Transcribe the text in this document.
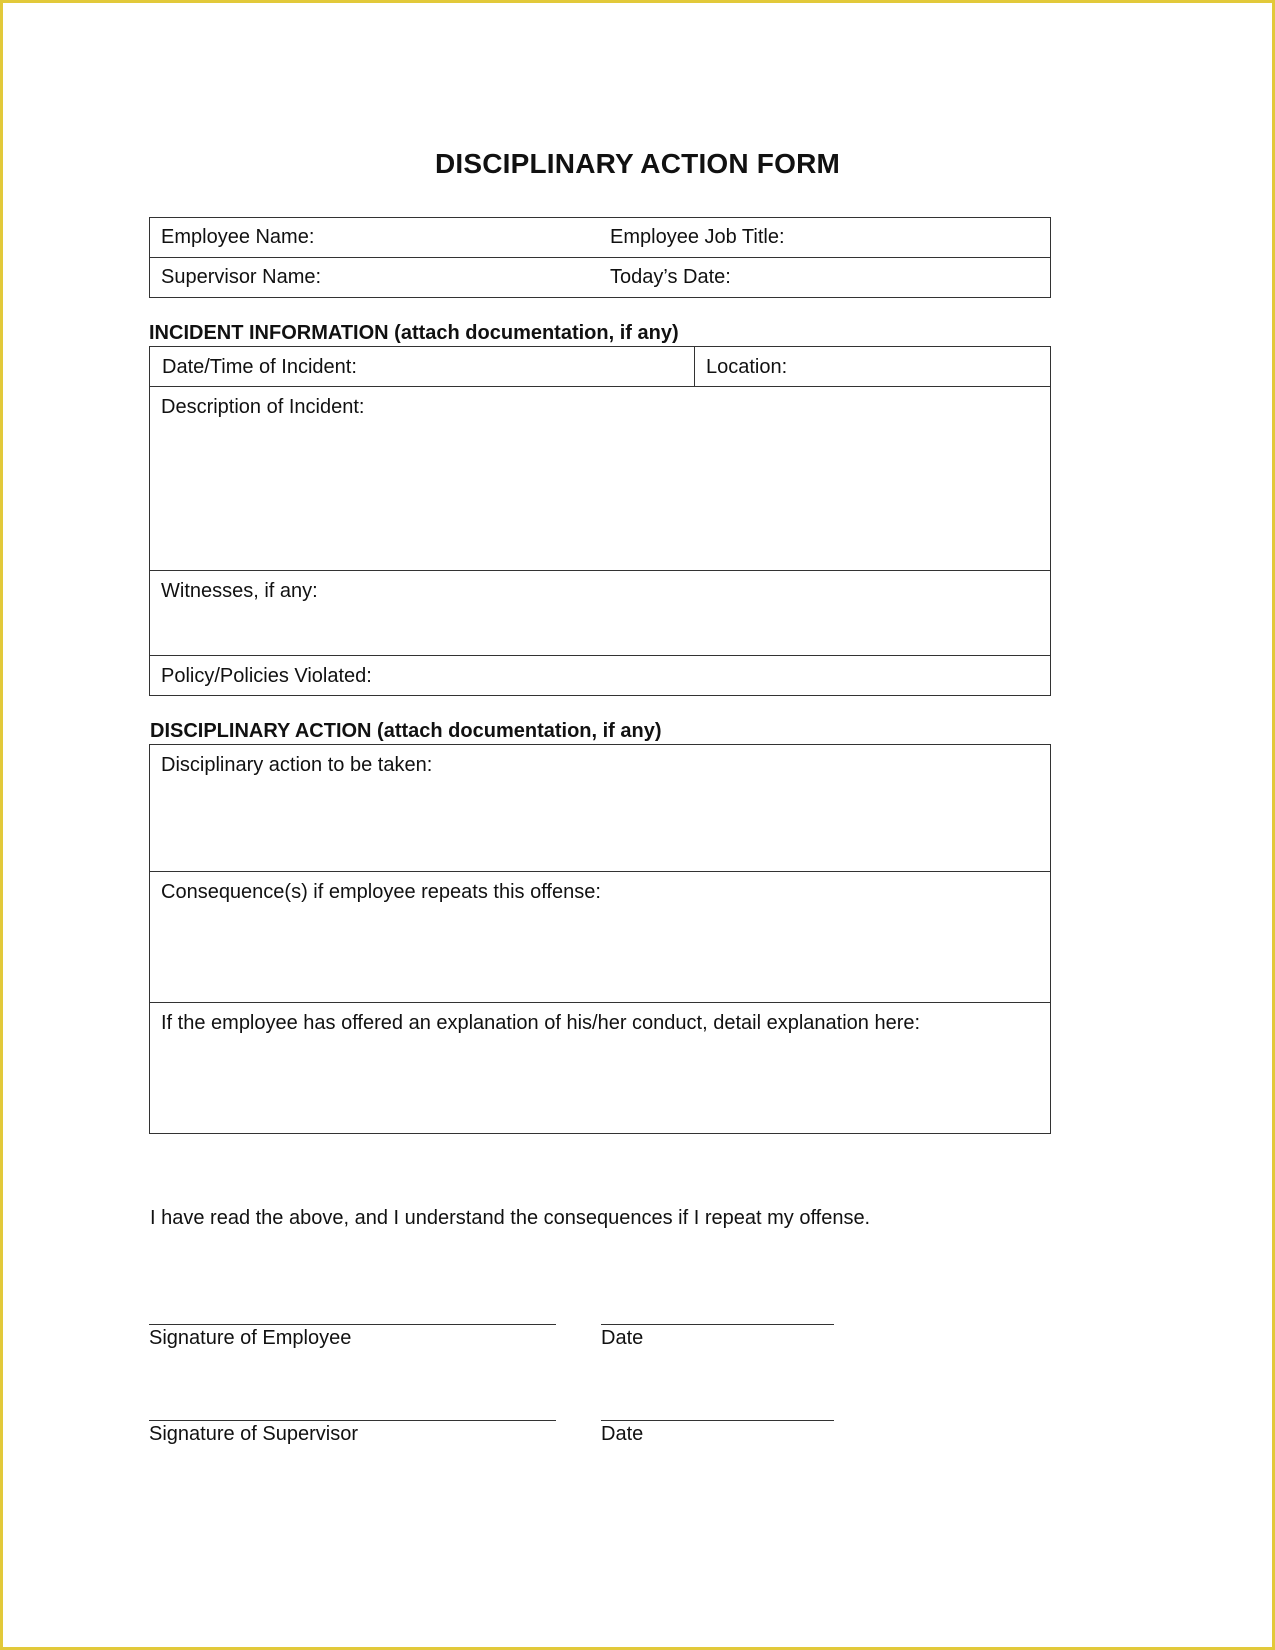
DISCIPLINARY ACTION FORM
Employee Name:	Employee Job Title:
Supervisor Name:	Today’s Date:
INCIDENT INFORMATION (attach documentation, if any)
Date/Time of Incident:	Location:
Description of Incident:
Witnesses, if any:
Policy/Policies Violated:
DISCIPLINARY ACTION (attach documentation, if any)
Disciplinary action to be taken:
Consequence(s) if employee repeats this offense:
If the employee has offered an explanation of his/her conduct, detail explanation here:
I have read the above, and I understand the consequences if I repeat my offense.
Signature of Employee	Date
Signature of Supervisor	Date
